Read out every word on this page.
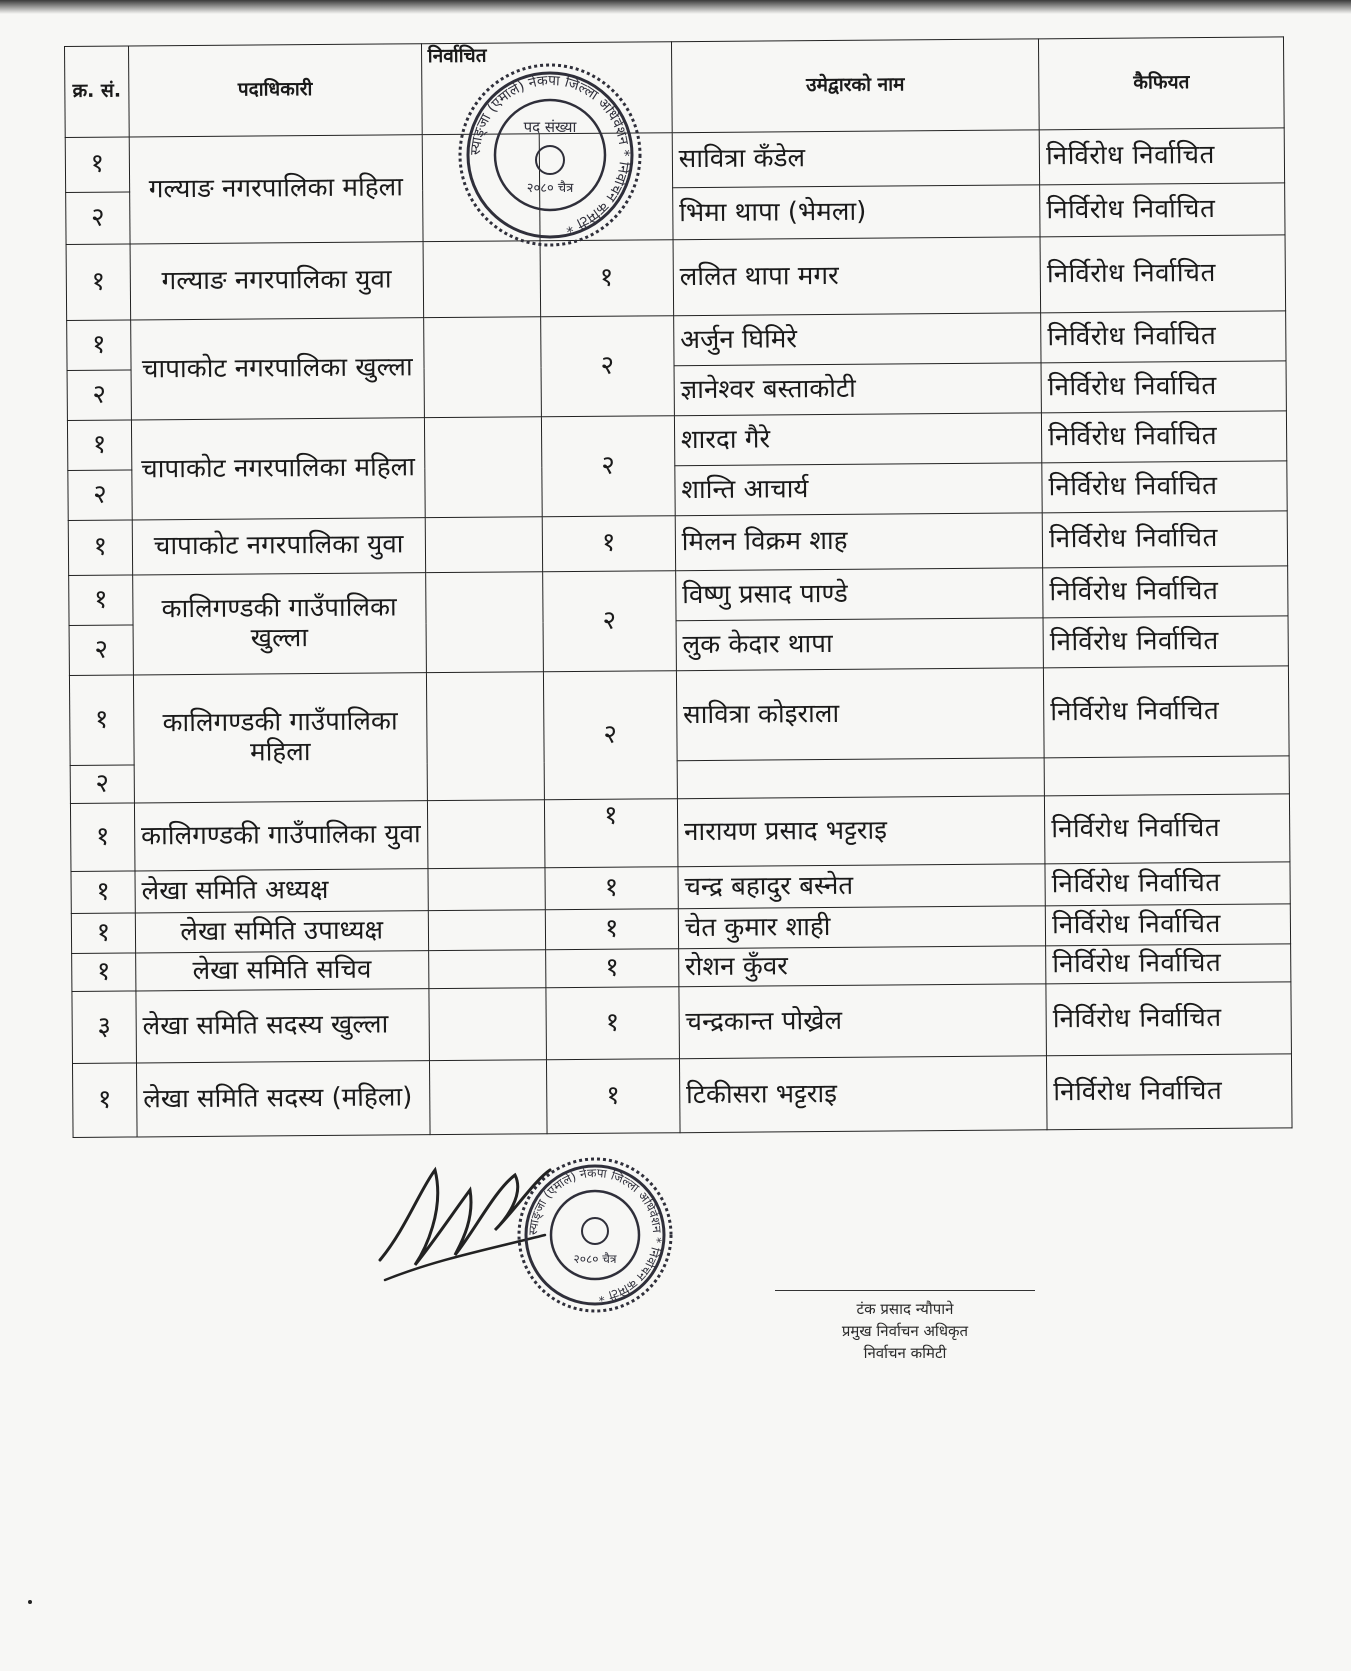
क्र. सं.	पदाधिकारी	निर्वाचित		उमेद्वारको नाम	कैफियत
१	गल्याङ नगरपालिका महिला			सावित्रा कँडेल	निर्विरोध निर्वाचित
२				भिमा थापा (भेमला)	निर्विरोध निर्वाचित
१	गल्याङ नगरपालिका युवा		१	ललित थापा मगर	निर्विरोध निर्वाचित
१	चापाकोट नगरपालिका खुल्ला		२	अर्जुन घिमिरे	निर्विरोध निर्वाचित
२				ज्ञानेश्वर बस्ताकोटी	निर्विरोध निर्वाचित
१	चापाकोट नगरपालिका महिला		२	शारदा गैरे	निर्विरोध निर्वाचित
२				शान्ति आचार्य	निर्विरोध निर्वाचित
१	चापाकोट नगरपालिका युवा		१	मिलन विक्रम शाह	निर्विरोध निर्वाचित
१	कालिगण्डकी गाउँपालिका खुल्ला		२	विष्णु प्रसाद पाण्डे	निर्विरोध निर्वाचित
२				लुक केदार थापा	निर्विरोध निर्वाचित
१	कालिगण्डकी गाउँपालिका महिला		२	सावित्रा कोइराला	निर्विरोध निर्वाचित
२					
१	कालिगण्डकी गाउँपालिका युवा		१	नारायण प्रसाद भट्टराइ	निर्विरोध निर्वाचित
१	लेखा समिति अध्यक्ष		१	चन्द्र बहादुर बस्नेत	निर्विरोध निर्वाचित
१	लेखा समिति उपाध्यक्ष		१	चेत कुमार शाही	निर्विरोध निर्वाचित
१	लेखा समिति सचिव		१	रोशन कुँवर	निर्विरोध निर्वाचित
३	लेखा समिति सदस्य खुल्ला		१	चन्द्रकान्त पोख्रेल	निर्विरोध निर्वाचित
१	लेखा समिति सदस्य (महिला)		१	टिकीसरा भट्टराइ	निर्विरोध निर्वाचित
स्याङ्जा (एमाले) नेकपा जिल्ला अधिवेशन * निर्वाचन कमिटी *
पद संख्या
२०८० चैत्र
स्याङ्जा (एमाले) नेकपा जिल्ला अधिवेशन * निर्वाचन कमिटी *
२०८० चैत्र
टंक प्रसाद न्यौपाने
प्रमुख निर्वाचन अधिकृत
निर्वाचन कमिटी
